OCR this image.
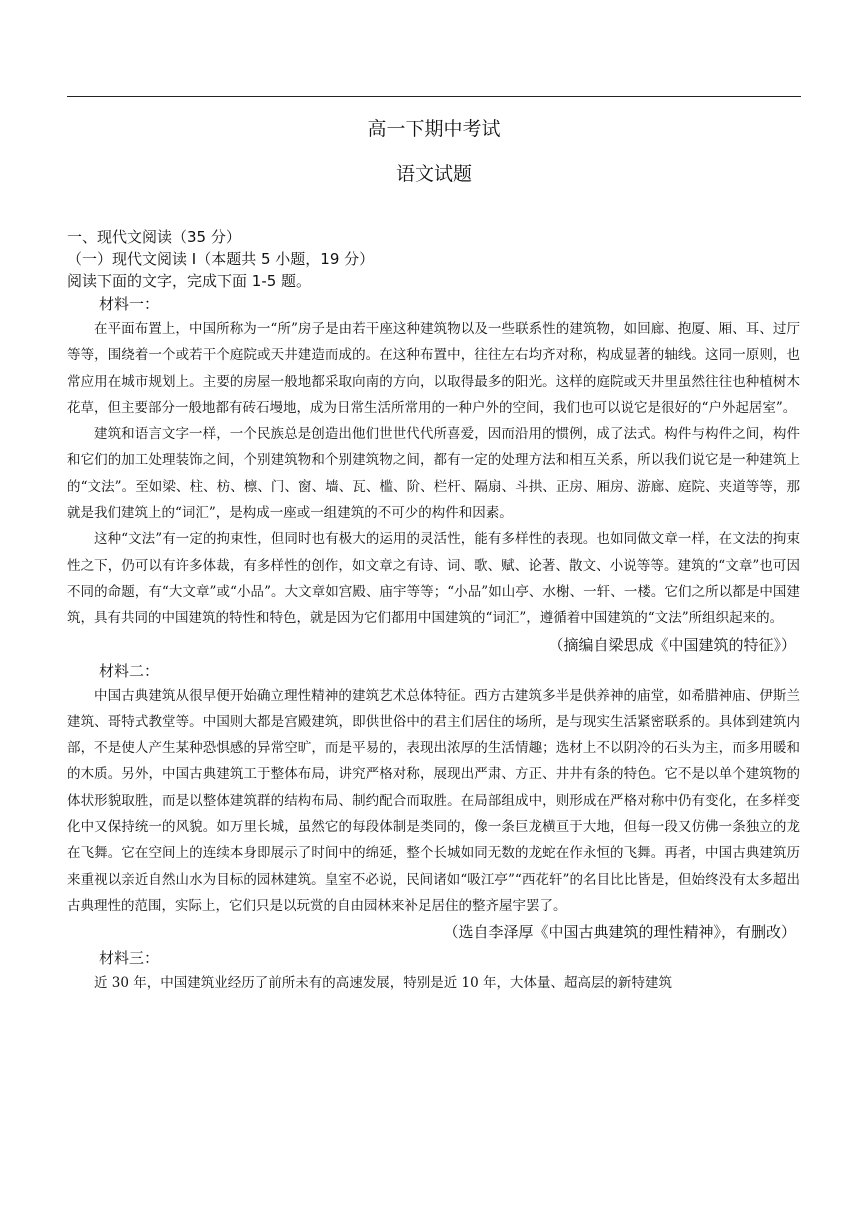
高一下期中考试
语文试题
一、现代文阅读（35 分）
（一）现代文阅读 I（本题共 5 小题，19 分）
阅读下面的文字，完成下面 1-5 题。
材料一：

在平面布置上，中国所称为一“所”房子是由若干座这种建筑物以及一些联系性的建筑物，如回廊、抱厦、厢、耳、过厅等等，围绕着一个或若干个庭院或天井建造而成的。在这种布置中，往往左右均齐对称，构成显著的轴线。这同一原则，也常应用在城市规划上。主要的房屋一般地都采取向南的方向，以取得最多的阳光。这样的庭院或天井里虽然往往也种植树木花草，但主要部分一般地都有砖石墁地，成为日常生活所常用的一种户外的空间，我们也可以说它是很好的“户外起居室”。

建筑和语言文字一样，一个民族总是创造出他们世世代代所喜爱，因而沿用的惯例，成了法式。构件与构件之间，构件和它们的加工处理装饰之间，个别建筑物和个别建筑物之间，都有一定的处理方法和相互关系，所以我们说它是一种建筑上的“文法”。至如梁、柱、枋、檩、门、窗、墙、瓦、槛、阶、栏杆、隔扇、斗拱、正房、厢房、游廊、庭院、夹道等等，那就是我们建筑上的“词汇”，是构成一座或一组建筑的不可少的构件和因素。

这种“文法”有一定的拘束性，但同时也有极大的运用的灵活性，能有多样性的表现。也如同做文章一样，在文法的拘束性之下，仍可以有许多体裁，有多样性的创作，如文章之有诗、词、歌、赋、论著、散文、小说等等。建筑的“文章”也可因不同的命题，有“大文章”或“小品”。大文章如宫殿、庙宇等等；“小品”如山亭、水榭、一轩、一楼。它们之所以都是中国建筑，具有共同的中国建筑的特性和特色，就是因为它们都用中国建筑的“词汇”，遵循着中国建筑的“文法”所组织起来的。

（摘编自梁思成《中国建筑的特征》）
材料二：

中国古典建筑从很早便开始确立理性精神的建筑艺术总体特征。西方古建筑多半是供养神的庙堂，如希腊神庙、伊斯兰建筑、哥特式教堂等。中国则大都是宫殿建筑，即供世俗中的君主们居住的场所，是与现实生活紧密联系的。具体到建筑内部，不是使人产生某种恐惧感的异常空旷，而是平易的，表现出浓厚的生活情趣；选材上不以阴冷的石头为主，而多用暖和的木质。另外，中国古典建筑工于整体布局，讲究严格对称，展现出严肃、方正、井井有条的特色。它不是以单个建筑物的体状形貌取胜，而是以整体建筑群的结构布局、制约配合而取胜。在局部组成中，则形成在严格对称中仍有变化，在多样变化中又保持统一的风貌。如万里长城，虽然它的每段体制是类同的，像一条巨龙横亘于大地，但每一段又仿佛一条独立的龙在飞舞。它在空间上的连续本身即展示了时间中的绵延，整个长城如同无数的龙蛇在作永恒的飞舞。再者，中国古典建筑历来重视以亲近自然山水为目标的园林建筑。皇室不必说，民间诸如“吸江亭”“西花轩”的名目比比皆是，但始终没有太多超出古典理性的范围，实际上，它们只是以玩赏的自由园林来补足居住的整齐屋宇罢了。

（选自李泽厚《中国古典建筑的理性精神》，有删改）
材料三：

近 30 年，中国建筑业经历了前所未有的高速发展，特别是近 10 年，大体量、超高层的新特建筑
